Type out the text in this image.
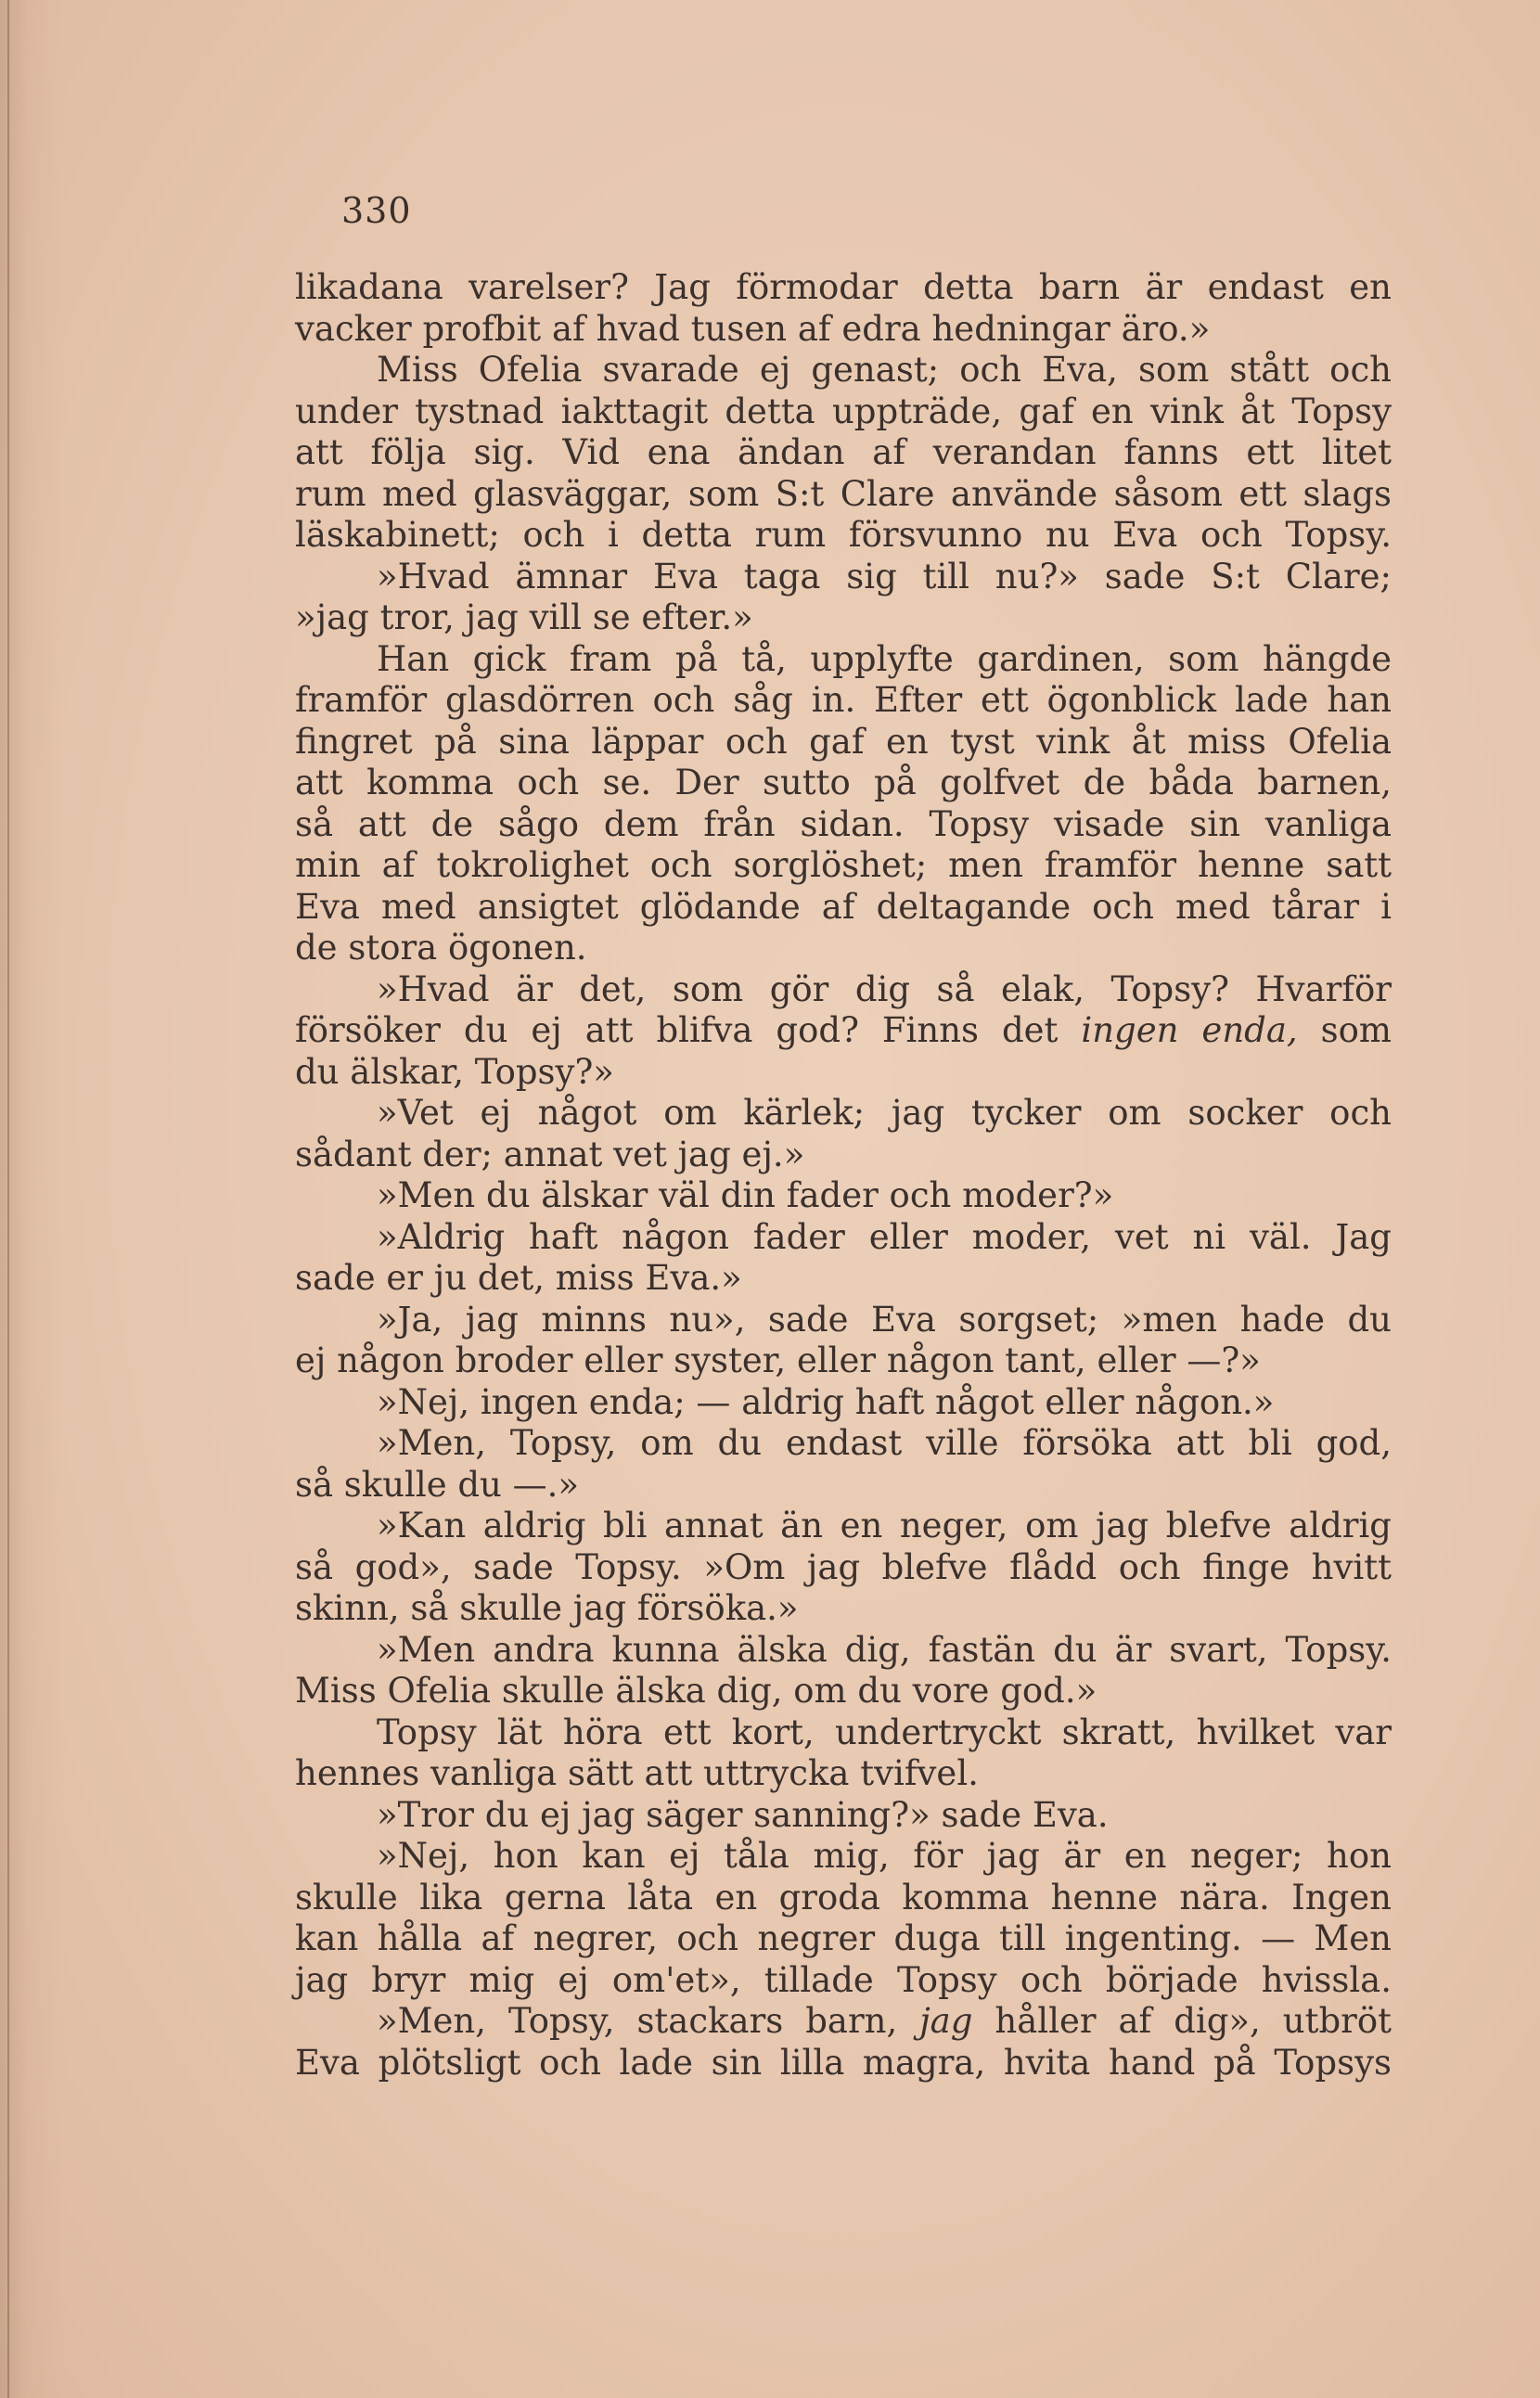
330
likadana varelser? Jag förmodar detta barn är endast en
vacker profbit af hvad tusen af edra hedningar äro.»
Miss Ofelia svarade ej genast; och Eva, som stått och
under tystnad iakttagit detta uppträde, gaf en vink åt Topsy
att följa sig. Vid ena ändan af verandan fanns ett litet
rum med glasväggar, som S:t Clare använde såsom ett slags
läskabinett; och i detta rum försvunno nu Eva och Topsy.
»Hvad ämnar Eva taga sig till nu?» sade S:t Clare;
»jag tror, jag vill se efter.»
Han gick fram på tå, upplyfte gardinen, som hängde
framför glasdörren och såg in. Efter ett ögonblick lade han
fingret på sina läppar och gaf en tyst vink åt miss Ofelia
att komma och se. Der sutto på golfvet de båda barnen,
så att de sågo dem från sidan. Topsy visade sin vanliga
min af tokrolighet och sorglöshet; men framför henne satt
Eva med ansigtet glödande af deltagande och med tårar i
de stora ögonen.
»Hvad är det, som gör dig så elak, Topsy? Hvarför
försöker du ej att blifva god? Finns det ingen enda, som
du älskar, Topsy?»
»Vet ej något om kärlek; jag tycker om socker och
sådant der; annat vet jag ej.»
»Men du älskar väl din fader och moder?»
»Aldrig haft någon fader eller moder, vet ni väl. Jag
sade er ju det, miss Eva.»
»Ja, jag minns nu», sade Eva sorgset; »men hade du
ej någon broder eller syster, eller någon tant, eller —?»
»Nej, ingen enda; — aldrig haft något eller någon.»
»Men, Topsy, om du endast ville försöka att bli god,
så skulle du —.»
»Kan aldrig bli annat än en neger, om jag blefve aldrig
så god», sade Topsy. »Om jag blefve flådd och finge hvitt
skinn, så skulle jag försöka.»
»Men andra kunna älska dig, fastän du är svart, Topsy.
Miss Ofelia skulle älska dig, om du vore god.»
Topsy lät höra ett kort, undertryckt skratt, hvilket var
hennes vanliga sätt att uttrycka tvifvel.
»Tror du ej jag säger sanning?» sade Eva.
»Nej, hon kan ej tåla mig, för jag är en neger; hon
skulle lika gerna låta en groda komma henne nära. Ingen
kan hålla af negrer, och negrer duga till ingenting. — Men
jag bryr mig ej om'et», tillade Topsy och började hvissla.
»Men, Topsy, stackars barn, jag håller af dig», utbröt
Eva plötsligt och lade sin lilla magra, hvita hand på Topsys
